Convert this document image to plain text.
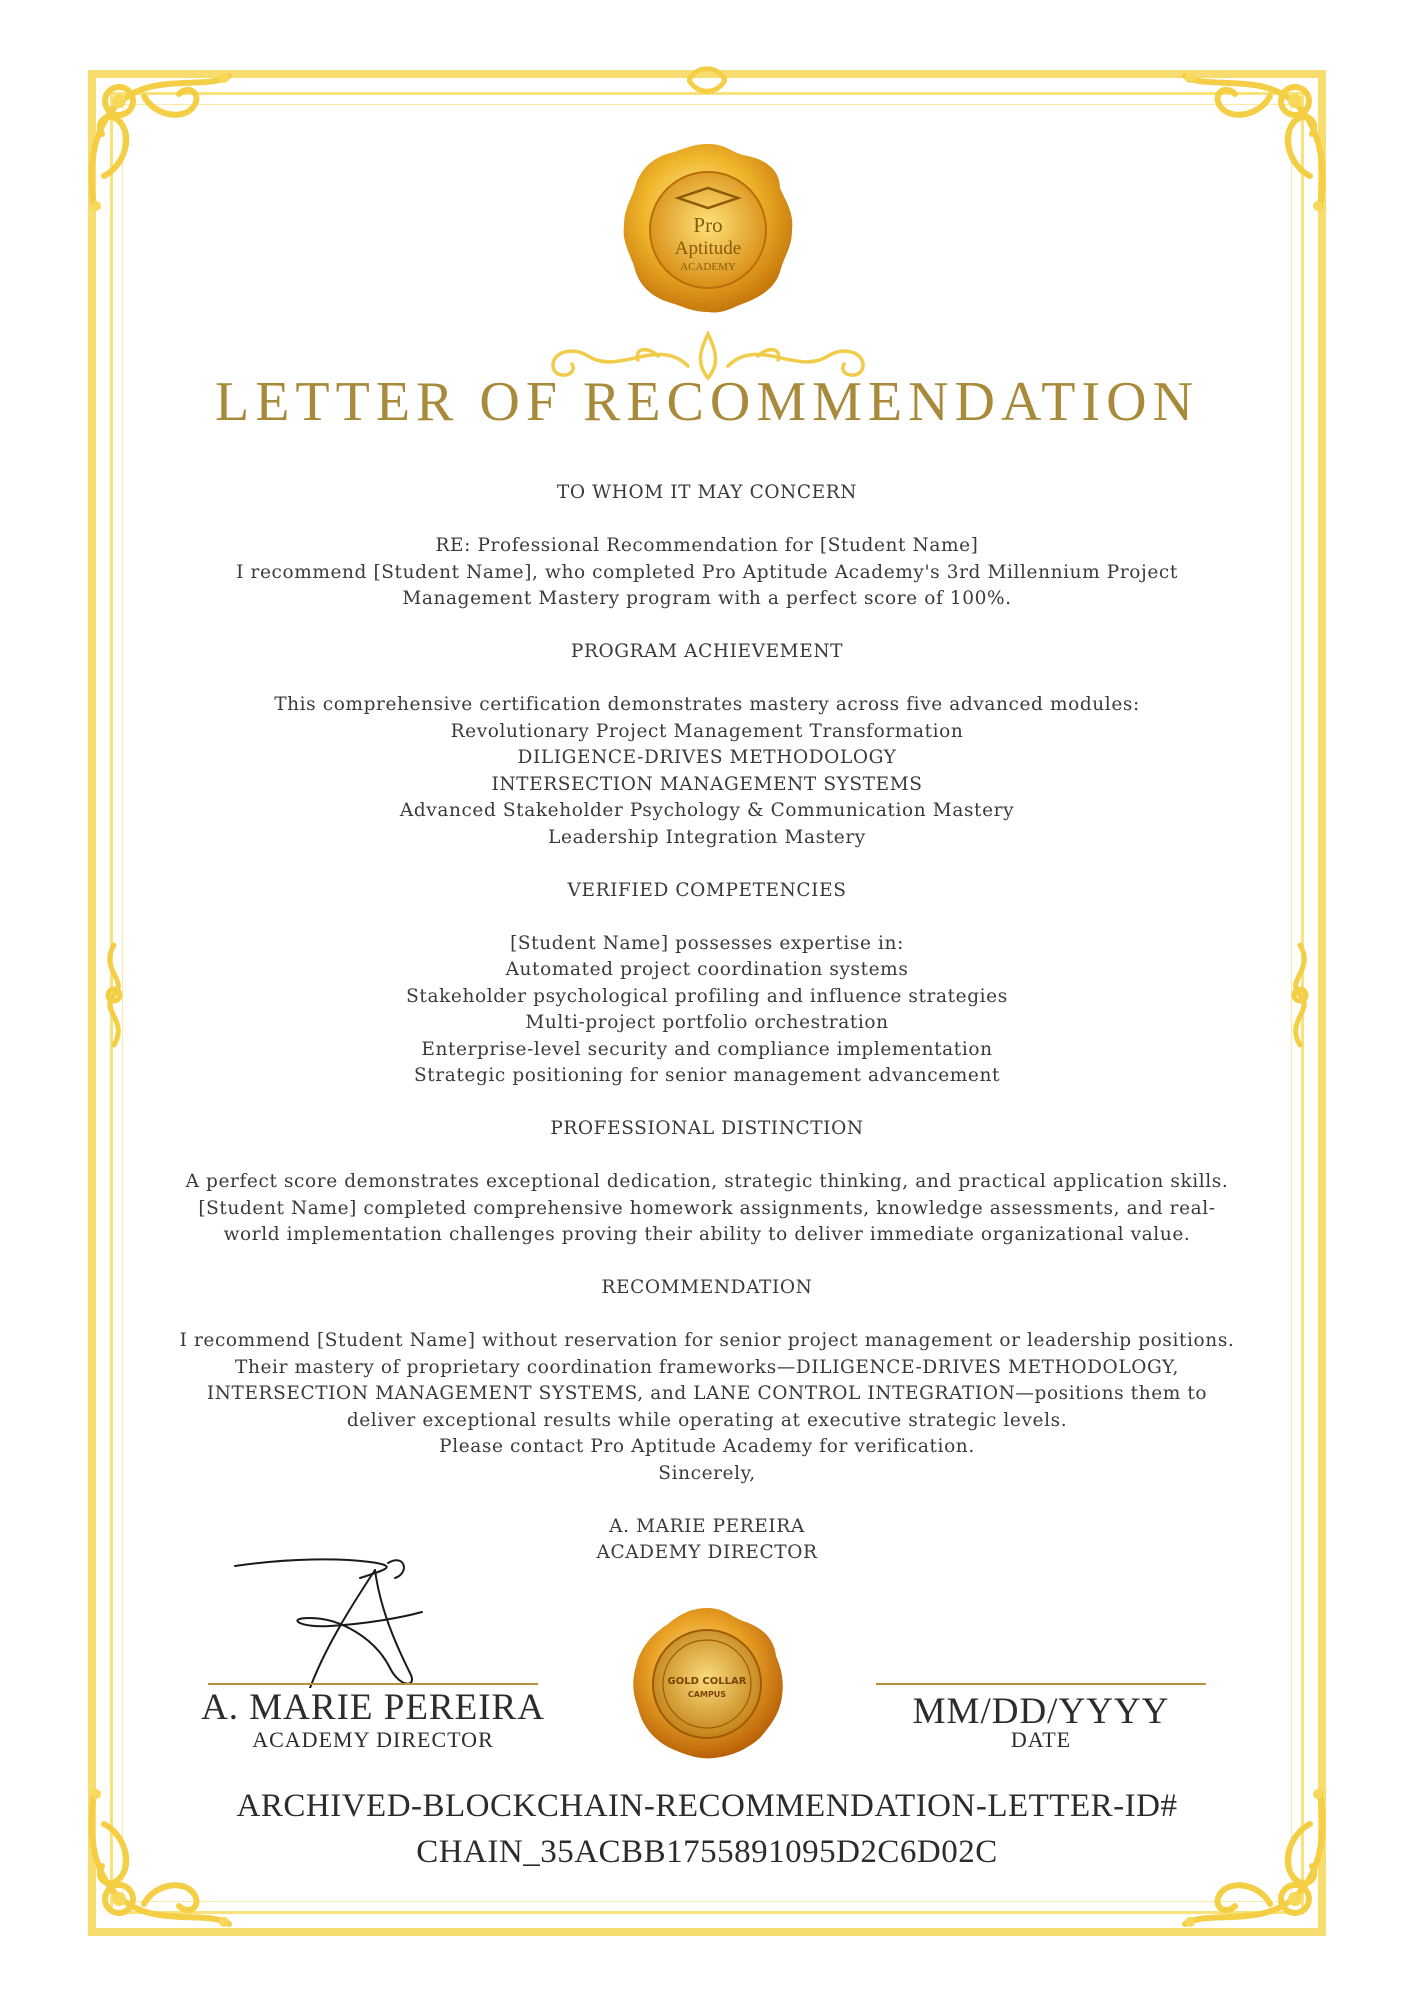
Pro
Aptitude
ACADEMY
LETTER OF RECOMMENDATION

TO WHOM IT MAY CONCERN

RE: Professional Recommendation for [Student Name]

I recommend [Student Name], who completed Pro Aptitude Academy's 3rd Millennium Project

Management Mastery program with a perfect score of 100%.

PROGRAM ACHIEVEMENT

This comprehensive certification demonstrates mastery across five advanced modules:

Revolutionary Project Management Transformation

DILIGENCE-DRIVES METHODOLOGY

INTERSECTION MANAGEMENT SYSTEMS

Advanced Stakeholder Psychology & Communication Mastery

Leadership Integration Mastery

VERIFIED COMPETENCIES

[Student Name] possesses expertise in:

Automated project coordination systems

Stakeholder psychological profiling and influence strategies

Multi-project portfolio orchestration

Enterprise-level security and compliance implementation

Strategic positioning for senior management advancement

PROFESSIONAL DISTINCTION

A perfect score demonstrates exceptional dedication, strategic thinking, and practical application skills.

[Student Name] completed comprehensive homework assignments, knowledge assessments, and real-

world implementation challenges proving their ability to deliver immediate organizational value.

RECOMMENDATION

I recommend [Student Name] without reservation for senior project management or leadership positions.

Their mastery of proprietary coordination frameworks—DILIGENCE-DRIVES METHODOLOGY,

INTERSECTION MANAGEMENT SYSTEMS, and LANE CONTROL INTEGRATION—positions them to

deliver exceptional results while operating at executive strategic levels.

Please contact Pro Aptitude Academy for verification.

Sincerely,

A. MARIE PEREIRA

ACADEMY DIRECTOR

A. MARIE PEREIRA
ACADEMY DIRECTOR
MM/DD/YYYY
DATE
GOLD COLLAR
CAMPUS
ARCHIVED-BLOCKCHAIN-RECOMMENDATION-LETTER-ID#
CHAIN_35ACBB1755891095D2C6D02C
